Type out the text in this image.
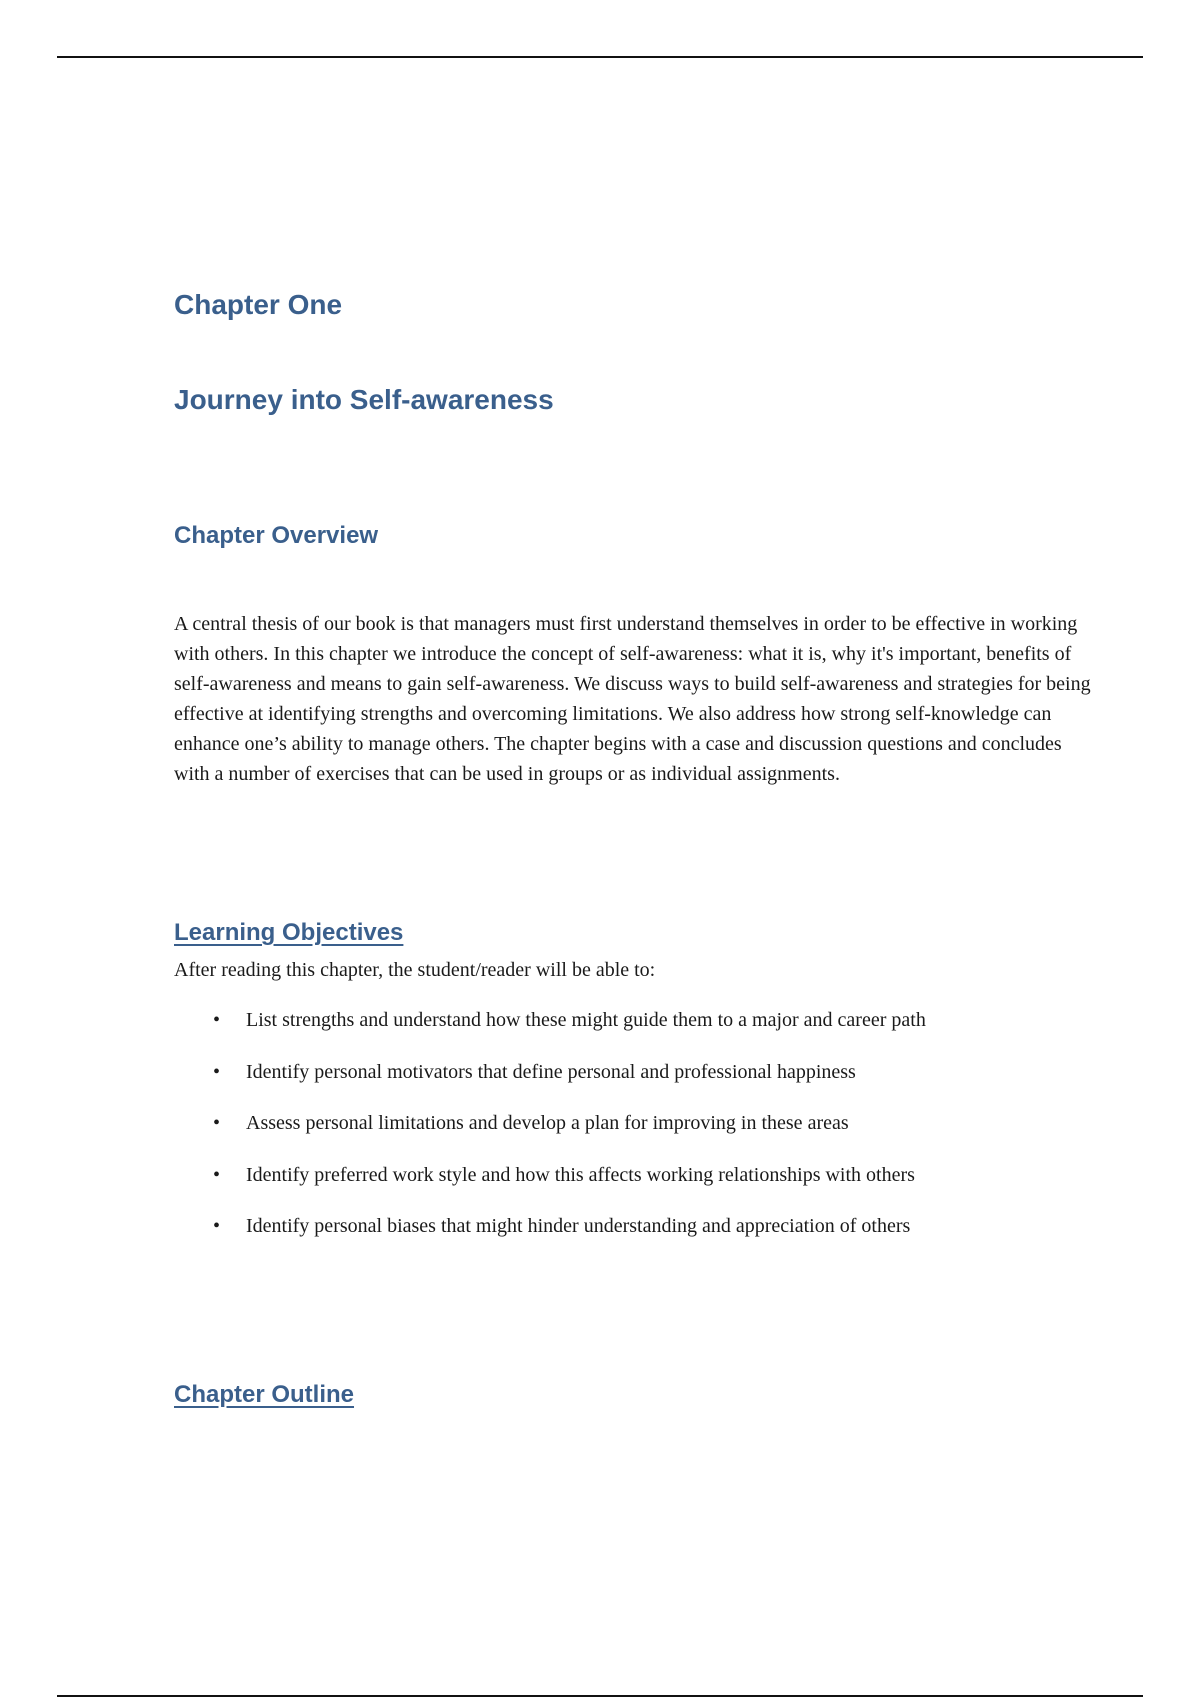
Chapter One
Journey into Self-awareness
Chapter Overview

A central thesis of our book is that managers must first understand themselves in order to be effective in working with others. In this chapter we introduce the concept of self-awareness: what it is, why it's important, benefits of self-awareness and means to gain self-awareness. We discuss ways to build self-awareness and strategies for being effective at identifying strengths and overcoming limitations. We also address how strong self-knowledge can enhance one’s ability to manage others. The chapter begins with a case and discussion questions and concludes with a number of exercises that can be used in groups or as individual assignments.

Learning Objectives

After reading this chapter, the student/reader will be able to:

• List strengths and understand how these might guide them to a major and career path
• Identify personal motivators that define personal and professional happiness
• Assess personal limitations and develop a plan for improving in these areas
• Identify preferred work style and how this affects working relationships with others
• Identify personal biases that might hinder understanding and appreciation of others
Chapter Outline
